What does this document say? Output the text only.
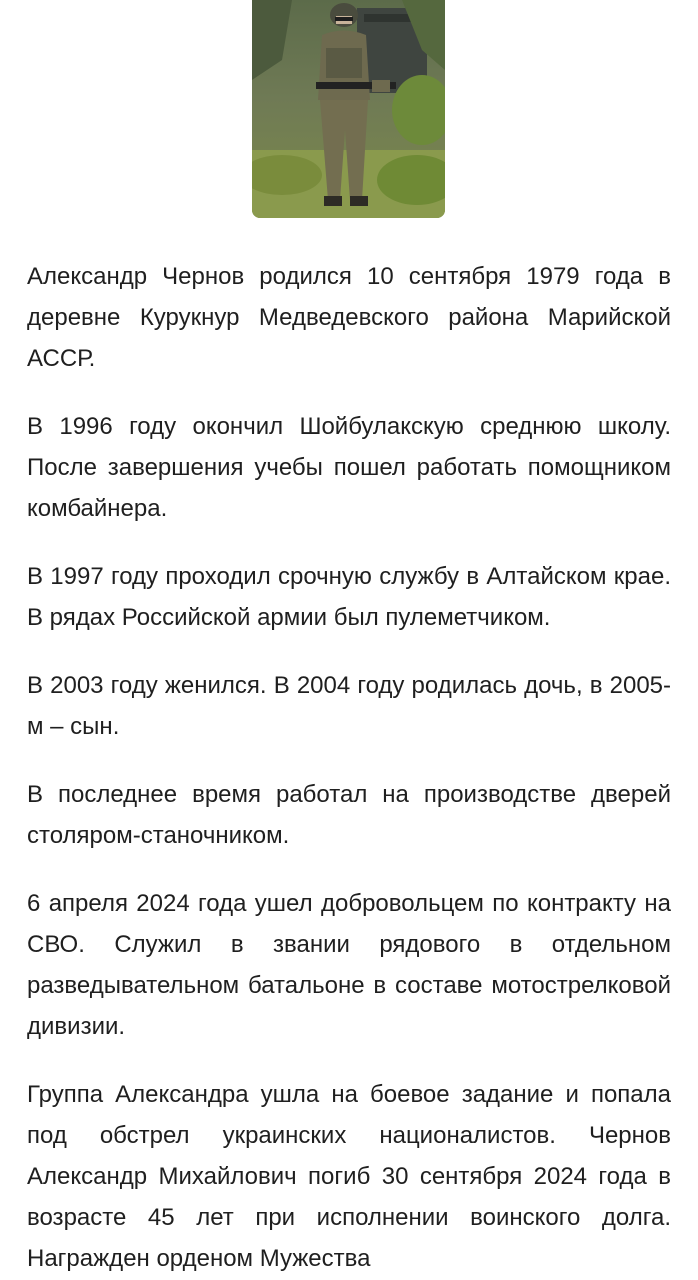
Александр Чернов родился 10 сентября 1979 года в деревне Курукнур Медведевского района Марийской АССР.

В 1996 году окончил Шойбулакскую среднюю школу. После завершения учебы пошел работать помощником комбайнера.

В 1997 году проходил срочную службу в Алтайском крае. В рядах Российской армии был пулеметчиком.

В 2003 году женился. В 2004 году родилась дочь, в 2005-м – сын.

В последнее время работал на производстве дверей столяром-станочником.

6 апреля 2024 года ушел добровольцем по контракту на СВО. Служил в звании рядового в отдельном разведывательном батальоне в составе мотострелковой дивизии.

Группа Александра ушла на боевое задание и попала под обстрел украинских националистов. Чернов Александр Михайлович погиб 30 сентября 2024 года в возрасте 45 лет при исполнении воинского долга. Награжден орденом Мужества
